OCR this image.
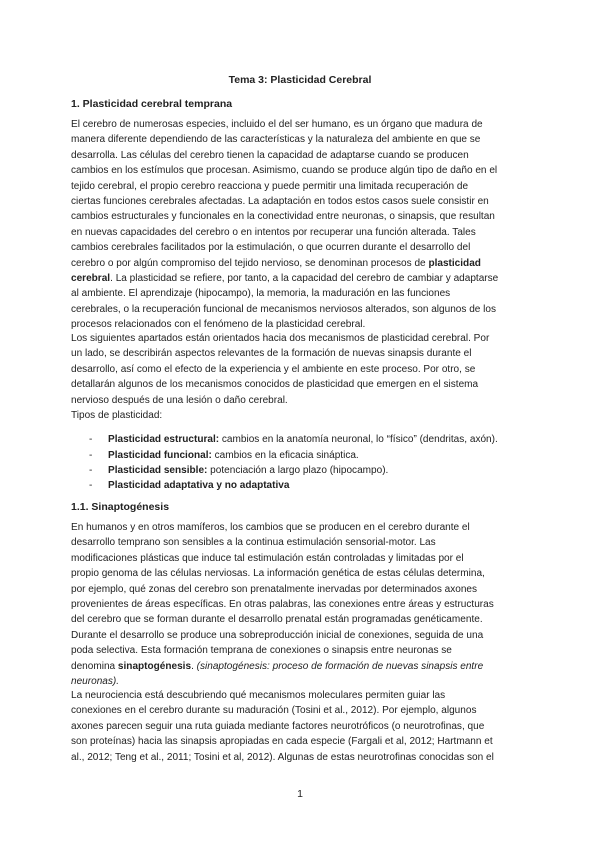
Tema 3: Plasticidad Cerebral
1. Plasticidad cerebral temprana
El cerebro de numerosas especies, incluido el del ser humano, es un órgano que madura de
manera diferente dependiendo de las características y la naturaleza del ambiente en que se
desarrolla. Las células del cerebro tienen la capacidad de adaptarse cuando se producen
cambios en los estímulos que procesan. Asimismo, cuando se produce algún tipo de daño en el
tejido cerebral, el propio cerebro reacciona y puede permitir una limitada recuperación de
ciertas funciones cerebrales afectadas. La adaptación en todos estos casos suele consistir en
cambios estructurales y funcionales en la conectividad entre neuronas, o sinapsis, que resultan
en nuevas capacidades del cerebro o en intentos por recuperar una función alterada. Tales
cambios cerebrales facilitados por la estimulación, o que ocurren durante el desarrollo del
cerebro o por algún compromiso del tejido nervioso, se denominan procesos de plasticidad
cerebral. La plasticidad se refiere, por tanto, a la capacidad del cerebro de cambiar y adaptarse
al ambiente. El aprendizaje (hipocampo), la memoria, la maduración en las funciones
cerebrales, o la recuperación funcional de mecanismos nerviosos alterados, son algunos de los
procesos relacionados con el fenómeno de la plasticidad cerebral.
Los siguientes apartados están orientados hacia dos mecanismos de plasticidad cerebral. Por
un lado, se describirán aspectos relevantes de la formación de nuevas sinapsis durante el
desarrollo, así como el efecto de la experiencia y el ambiente en este proceso. Por otro, se
detallarán algunos de los mecanismos conocidos de plasticidad que emergen en el sistema
nervioso después de una lesión o daño cerebral.
Tipos de plasticidad:
- Plasticidad estructural: cambios en la anatomía neuronal, lo “físico” (dendritas, axón).
- Plasticidad funcional: cambios en la eficacia sináptica.
- Plasticidad sensible: potenciación a largo plazo (hipocampo).
- Plasticidad adaptativa y no adaptativa
1.1. Sinaptogénesis
En humanos y en otros mamíferos, los cambios que se producen en el cerebro durante el
desarrollo temprano son sensibles a la continua estimulación sensorial-motor. Las
modificaciones plásticas que induce tal estimulación están controladas y limitadas por el
propio genoma de las células nerviosas. La información genética de estas células determina,
por ejemplo, qué zonas del cerebro son prenatalmente inervadas por determinados axones
provenientes de áreas específicas. En otras palabras, las conexiones entre áreas y estructuras
del cerebro que se forman durante el desarrollo prenatal están programadas genéticamente.
Durante el desarrollo se produce una sobreproducción inicial de conexiones, seguida de una
poda selectiva. Esta formación temprana de conexiones o sinapsis entre neuronas se
denomina sinaptogénesis. (sinaptogénesis: proceso de formación de nuevas sinapsis entre
neuronas).
La neurociencia está descubriendo qué mecanismos moleculares permiten guiar las
conexiones en el cerebro durante su maduración (Tosini et al., 2012). Por ejemplo, algunos
axones parecen seguir una ruta guiada mediante factores neurotróficos (o neurotrofinas, que
son proteínas) hacia las sinapsis apropiadas en cada especie (Fargali et al, 2012; Hartmann et
al., 2012; Teng et al., 2011; Tosini et al, 2012). Algunas de estas neurotrofinas conocidas son el
1
